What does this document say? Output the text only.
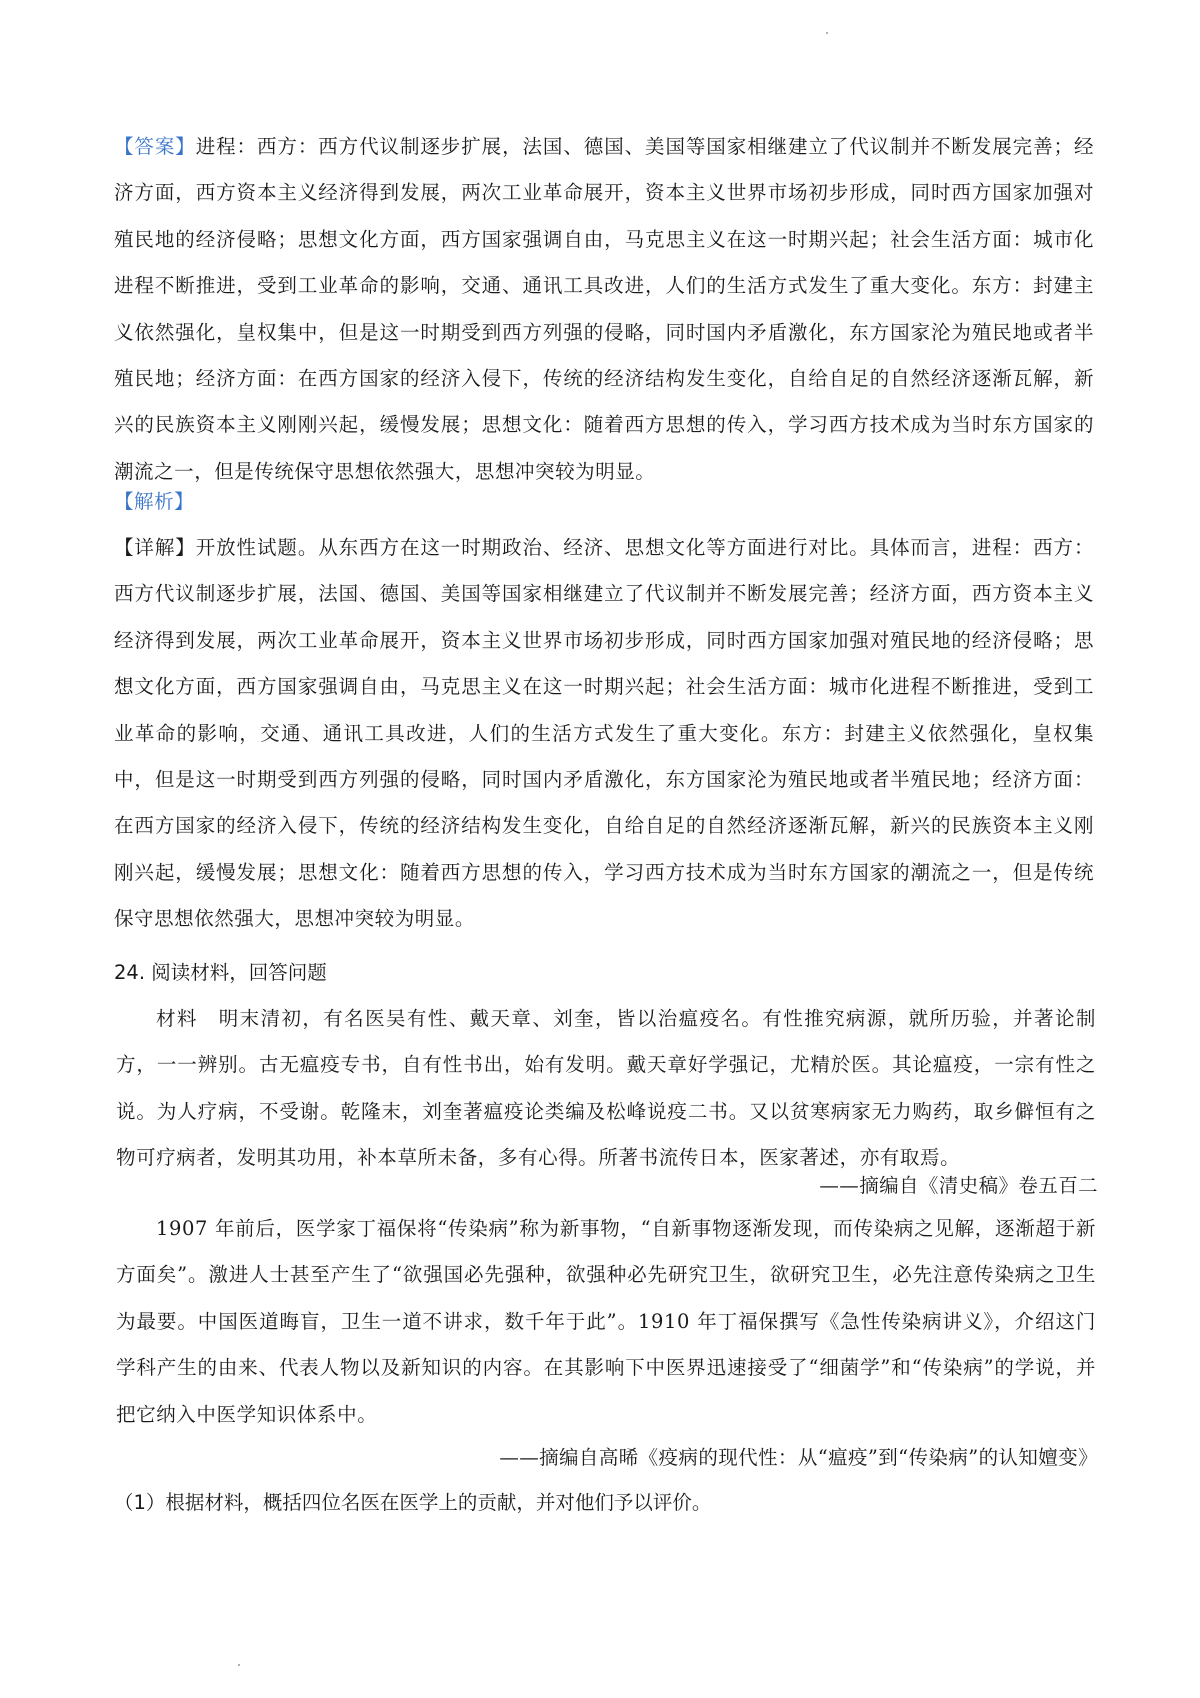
【答案】进程：西方：西方代议制逐步扩展，法国、德国、美国等国家相继建立了代议制并不断发展完善；经济方面，西方资本主义经济得到发展，两次工业革命展开，资本主义世界市场初步形成，同时西方国家加强对殖民地的经济侵略；思想文化方面，西方国家强调自由，马克思主义在这一时期兴起；社会生活方面：城市化进程不断推进，受到工业革命的影响，交通、通讯工具改进，人们的生活方式发生了重大变化。东方：封建主义依然强化，皇权集中，但是这一时期受到西方列强的侵略，同时国内矛盾激化，东方国家沦为殖民地或者半殖民地；经济方面：在西方国家的经济入侵下，传统的经济结构发生变化，自给自足的自然经济逐渐瓦解，新兴的民族资本主义刚刚兴起，缓慢发展；思想文化：随着西方思想的传入，学习西方技术成为当时东方国家的潮流之一，但是传统保守思想依然强大，思想冲突较为明显。

【解析】

【详解】开放性试题。从东西方在这一时期政治、经济、思想文化等方面进行对比。具体而言，进程：西方：西方代议制逐步扩展，法国、德国、美国等国家相继建立了代议制并不断发展完善；经济方面，西方资本主义经济得到发展，两次工业革命展开，资本主义世界市场初步形成，同时西方国家加强对殖民地的经济侵略；思想文化方面，西方国家强调自由，马克思主义在这一时期兴起；社会生活方面：城市化进程不断推进，受到工业革命的影响，交通、通讯工具改进，人们的生活方式发生了重大变化。东方：封建主义依然强化，皇权集中，但是这一时期受到西方列强的侵略，同时国内矛盾激化，东方国家沦为殖民地或者半殖民地；经济方面：在西方国家的经济入侵下，传统的经济结构发生变化，自给自足的自然经济逐渐瓦解，新兴的民族资本主义刚刚兴起，缓慢发展；思想文化：随着西方思想的传入，学习西方技术成为当时东方国家的潮流之一，但是传统保守思想依然强大，思想冲突较为明显。

24. 阅读材料，回答问题

材料　明末清初，有名医吴有性、戴天章、刘奎，皆以治瘟疫名。有性推究病源，就所历验，并著论制方，一一辨别。古无瘟疫专书，自有性书出，始有发明。戴天章好学强记，尤精於医。其论瘟疫，一宗有性之说。为人疗病，不受谢。乾隆末，刘奎著瘟疫论类编及松峰说疫二书。又以贫寒病家无力购药，取乡僻恒有之物可疗病者，发明其功用，补本草所未备，多有心得。所著书流传日本，医家著述，亦有取焉。

——摘编自《清史稿》卷五百二

1907 年前后，医学家丁福保将“传染病”称为新事物，“自新事物逐渐发现，而传染病之见解，逐渐超于新方面矣”。激进人士甚至产生了“欲强国必先强种，欲强种必先研究卫生，欲研究卫生，必先注意传染病之卫生为最要。中国医道晦盲，卫生一道不讲求，数千年于此”。1910 年丁福保撰写《急性传染病讲义》，介绍这门学科产生的由来、代表人物以及新知识的内容。在其影响下中医界迅速接受了“细菌学”和“传染病”的学说，并把它纳入中医学知识体系中。

——摘编自高晞《疫病的现代性：从“瘟疫”到“传染病”的认知嬗变》

（1）根据材料，概括四位名医在医学上的贡献，并对他们予以评价。
